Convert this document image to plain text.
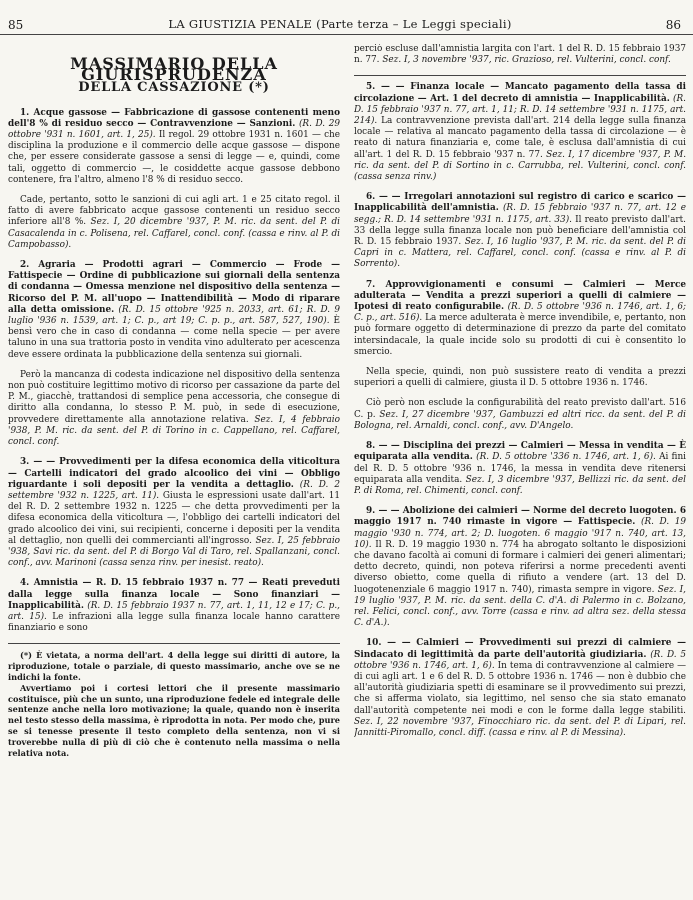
85	LA GIUSTIZIA PENALE (Parte terza – Le Leggi speciali)	86
MASSIMARIO DELLA GIURISPRUDENZA
DELLA CASSAZIONE (*)
1. Acque gassose — Fabbricazione di gassose contenenti meno dell'8 % di residuo secco — Contravvenzione — Sanzioni. (R. D. 29 ottobre '931 n. 1601, art. 1, 25). Il regol. 29 ottobre 1931 n. 1601 — che disciplina la produzione e il commercio delle acque gassose — dispone che, per essere considerate gassose a sensi di legge — e, quindi, come tali, oggetto di commercio —, le cosiddette acque gassose debbono contenere, fra l'altro, almeno l'8 % di residuo secco.
Cade, pertanto, sotto le sanzioni di cui agli art. 1 e 25 citato regol. il fatto di avere fabbricato acque gassose contenenti un residuo secco inferiore all'8 %. Sez. I, 20 dicembre '937, P. M. ric. da sent. del P. di Casacalenda in c. Polisena, rel. Caffarel, concl. conf. (cassa e rinv. al P. di Campobasso).
2. Agraria — Prodotti agrari — Commercio — Frode — Fattispecie — Ordine di pubblicazione sui giornali della sentenza di condanna — Omessa menzione nel dispositivo della sentenza — Ricorso del P. M. all'uopo — Inattendibilità — Modo di riparare alla detta omissione. (R. D. 15 ottobre '925 n. 2033, art. 61; R. D. 9 luglio '936 n. 1539, art. 1; C. p., art 19; C. p. p., art. 587, 527, 190). È bensì vero che in caso di condanna — come nella specie — per avere taluno in una sua trattoria posto in vendita vino adulterato per acescenza deve essere ordinata la pubblicazione della sentenza sui giornali.
Però la mancanza di codesta indicazione nel dispositivo della sentenza non può costituire legittimo motivo di ricorso per cassazione da parte del P. M., giacchè, trattandosi di semplice pena accessoria, che consegue di diritto alla condanna, lo stesso P. M. può, in sede di esecuzione, provvedere direttamente alla annotazione relativa. Sez. I, 4 febbraio '938, P. M. ric. da sent. del P. di Torino in c. Cappellano, rel. Caffarel, concl. conf.
3. — — Provvedimenti per la difesa economica della viticoltura — Cartelli indicatori del grado alcoolico dei vini — Obbligo riguardante i soli depositi per la vendita a dettaglio. (R. D. 2 settembre '932 n. 1225, art. 11). Giusta le espressioni usate dall'art. 11 del R. D. 2 settembre 1932 n. 1225 — che detta provvedimenti per la difesa economica della viticoltura —, l'obbligo dei cartelli indicatori del grado alcoolico dei vini, sui recipienti, concerne i depositi per la vendita al dettaglio, non quelli dei commercianti all'ingrosso. Sez. I, 25 febbraio '938, Savi ric. da sent. del P. di Borgo Val di Taro, rel. Spallanzani, concl. conf., avv. Marinoni (cassa senza rinv. per inesist. reato).
4. Amnistia — R. D. 15 febbraio 1937 n. 77 — Reati preveduti dalla legge sulla finanza locale — Sono finanziari — Inapplicabilità. (R. D. 15 febbraio 1937 n. 77, art. 1, 11, 12 e 17; C. p., art. 15). Le infrazioni alla legge sulla finanza locale hanno carattere finanziario e sono
(*) È vietata, a norma dell'art. 4 della legge sui diritti di autore, la riproduzione, totale o parziale, di questo massimario, anche ove se ne indichi la fonte.
Avvertiamo poi i cortesi lettori che il presente massimario costituisce, più che un sunto, una riproduzione fedele ed integrale delle sentenze anche nella loro motivazione; la quale, quando non è inserita nel testo stesso della massima, è riprodotta in nota. Per modo che, pure se si tenesse presente il testo completo della sentenza, non vi si troverebbe nulla di più di ciò che è contenuto nella massima o nella relativa nota.
perciò escluse dall'amnistia largita con l'art. 1 del R. D. 15 febbraio 1937 n. 77. Sez. I, 3 novembre '937, ric. Grazioso, rel. Vulterini, concl. conf.
5. — — Finanza locale — Mancato pagamento della tassa di circolazione — Art. 1 del decreto di amnistia — Inapplicabilità. (R. D. 15 febbraio '937 n. 77, art. 1, 11; R. D. 14 settembre '931 n. 1175, art. 214). La contravvenzione prevista dall'art. 214 della legge sulla finanza locale — relativa al mancato pagamento della tassa di circolazione — è reato di natura finanziaria e, come tale, è esclusa dall'amnistia di cui all'art. 1 del R. D. 15 febbraio '937 n. 77. Sez. I, 17 dicembre '937, P. M. ric. da sent. del P. di Sortino in c. Carrubba, rel. Vulterini, concl. conf. (cassa senza rinv.)
6. — — Irregolari annotazioni sul registro di carico e scarico — Inapplicabilità dell'amnistia. (R. D. 15 febbraio '937 n. 77, art. 12 e segg.; R. D. 14 settembre '931 n. 1175, art. 33). Il reato previsto dall'art. 33 della legge sulla finanza locale non può beneficiare dell'amnistia col R. D. 15 febbraio 1937. Sez. I, 16 luglio '937, P. M. ric. da sent. del P. di Capri in c. Mattera, rel. Caffarel, concl. conf. (cassa e rinv. al P. di Sorrento).
7. Approvvigionamenti e consumi — Calmieri — Merce adulterata — Vendita a prezzi superiori a quelli di calmiere — Ipotesi di reato configurabile. (R. D. 5 ottobre '936 n. 1746, art. 1, 6; C. p., art. 516). La merce adulterata è merce invendibile, e, pertanto, non può formare oggetto di determinazione di prezzo da parte del comitato intersindacale, la quale incide solo su prodotti di cui è consentito lo smercio.
Nella specie, quindi, non può sussistere reato di vendita a prezzi superiori a quelli di calmiere, giusta il D. 5 ottobre 1936 n. 1746.
Ciò però non esclude la configurabilità del reato previsto dall'art. 516 C. p. Sez. I, 27 dicembre '937, Gambuzzi ed altri ricc. da sent. del P. di Bologna, rel. Arnaldi, concl. conf., avv. D'Angelo.
8. — — Disciplina dei prezzi — Calmieri — Messa in vendita — È equiparata alla vendita. (R. D. 5 ottobre '336 n. 1746, art. 1, 6). Ai fini del R. D. 5 ottobre '936 n. 1746, la messa in vendita deve ritenersi equiparata alla vendita. Sez. I, 3 dicembre '937, Bellizzi ric. da sent. del P. di Roma, rel. Chimenti, concl. conf.
9. — — Abolizione dei calmieri — Norme del decreto luogoten. 6 maggio 1917 n. 740 rimaste in vigore — Fattispecie. (R. D. 19 maggio '930 n. 774, art. 2; D. luogoten. 6 maggio '917 n. 740, art. 13, 10). Il R. D. 19 maggio 1930 n. 774 ha abrogato soltanto le disposizioni che davano facoltà ai comuni di formare i calmieri dei generi alimentari; detto decreto, quindi, non poteva riferirsi a norme precedenti aventi diverso obietto, come quella di rifiuto a vendere (art. 13 del D. luogotenenziale 6 maggio 1917 n. 740), rimasta sempre in vigore. Sez. I, 19 luglio '937, P. M. ric. da sent. della C. d'A. di Palermo in c. Bolzano, rel. Felici, concl. conf., avv. Torre (cassa e rinv. ad altra sez. della stessa C. d'A.).
10. — — Calmieri — Provvedimenti sui prezzi di calmiere — Sindacato di legittimità da parte dell'autorità giudiziaria. (R. D. 5 ottobre '936 n. 1746, art. 1, 6). In tema di contravvenzione al calmiere — di cui agli art. 1 e 6 del R. D. 5 ottobre 1936 n. 1746 — non è dubbio che all'autorità giudiziaria spetti di esaminare se il provvedimento sui prezzi, che si afferma violato, sia legittimo, nel senso che sia stato emanato dall'autorità competente nei modi e con le forme dalla legge stabiliti. Sez. I, 22 novembre '937, Finocchiaro ric. da sent. del P. di Lipari, rel. Jannitti-Piromallo, concl. diff. (cassa e rinv. al P. di Messina).
